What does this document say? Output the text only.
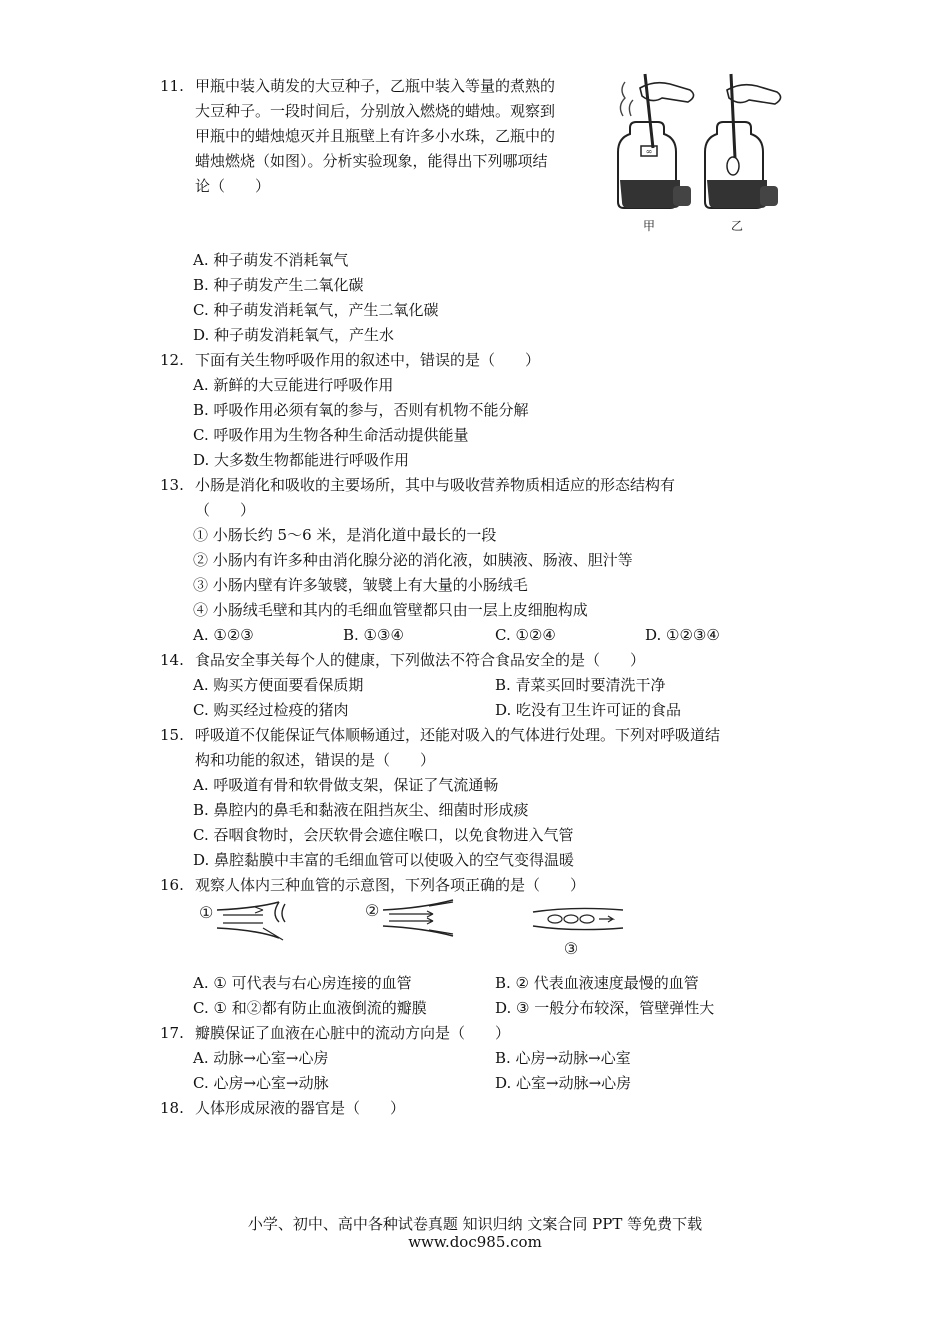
11. 甲瓶中装入萌发的大豆种子，乙瓶中装入等量的煮熟的
大豆种子。一段时间后，分别放入燃烧的蜡烛。观察到
甲瓶中的蜡烛熄灭并且瓶壁上有许多小水珠，乙瓶中的
蜡烛燃烧（如图）。分析实验现象，能得出下列哪项结
论（　　）
∞
甲	乙
A. 种子萌发不消耗氧气
B. 种子萌发产生二氧化碳
C. 种子萌发消耗氧气，产生二氧化碳
D. 种子萌发消耗氧气，产生水
12. 下面有关生物呼吸作用的叙述中，错误的是（　　）
A. 新鲜的大豆能进行呼吸作用
B. 呼吸作用必须有氧的参与，否则有机物不能分解
C. 呼吸作用为生物各种生命活动提供能量
D. 大多数生物都能进行呼吸作用
13. 小肠是消化和吸收的主要场所，其中与吸收营养物质相适应的形态结构有
（　　）
① 小肠长约 5～6 米，是消化道中最长的一段
② 小肠内有许多种由消化腺分泌的消化液，如胰液、肠液、胆汁等
③ 小肠内壁有许多皱襞，皱襞上有大量的小肠绒毛
④ 小肠绒毛壁和其内的毛细血管壁都只由一层上皮细胞构成
A. ①②③	B. ①③④	C. ①②④	D. ①②③④
14. 食品安全事关每个人的健康，下列做法不符合食品安全的是（　　）
A. 购买方便面要看保质期	B. 青菜买回时要清洗干净
C. 购买经过检疫的猪肉	D. 吃没有卫生许可证的食品
15. 呼吸道不仅能保证气体顺畅通过，还能对吸入的气体进行处理。下列对呼吸道结
构和功能的叙述，错误的是（　　）
A. 呼吸道有骨和软骨做支架，保证了气流通畅
B. 鼻腔内的鼻毛和黏液在阻挡灰尘、细菌时形成痰
C. 吞咽食物时，会厌软骨会遮住喉口，以免食物进入气管
D. 鼻腔黏膜中丰富的毛细血管可以使吸入的空气变得温暖
16. 观察人体内三种血管的示意图，下列各项正确的是（　　）
①	②
③
A. ① 可代表与右心房连接的血管	B. ② 代表血液速度最慢的血管
C. ① 和②都有防止血液倒流的瓣膜	D. ③ 一般分布较深，管壁弹性大
17. 瓣膜保证了血液在心脏中的流动方向是（　　）
A. 动脉→心室→心房	B. 心房→动脉→心室
C. 心房→心室→动脉	D. 心室→动脉→心房
18. 人体形成尿液的器官是（　　）
小学、初中、高中各种试卷真题 知识归纳 文案合同 PPT 等免费下载
www.doc985.com
